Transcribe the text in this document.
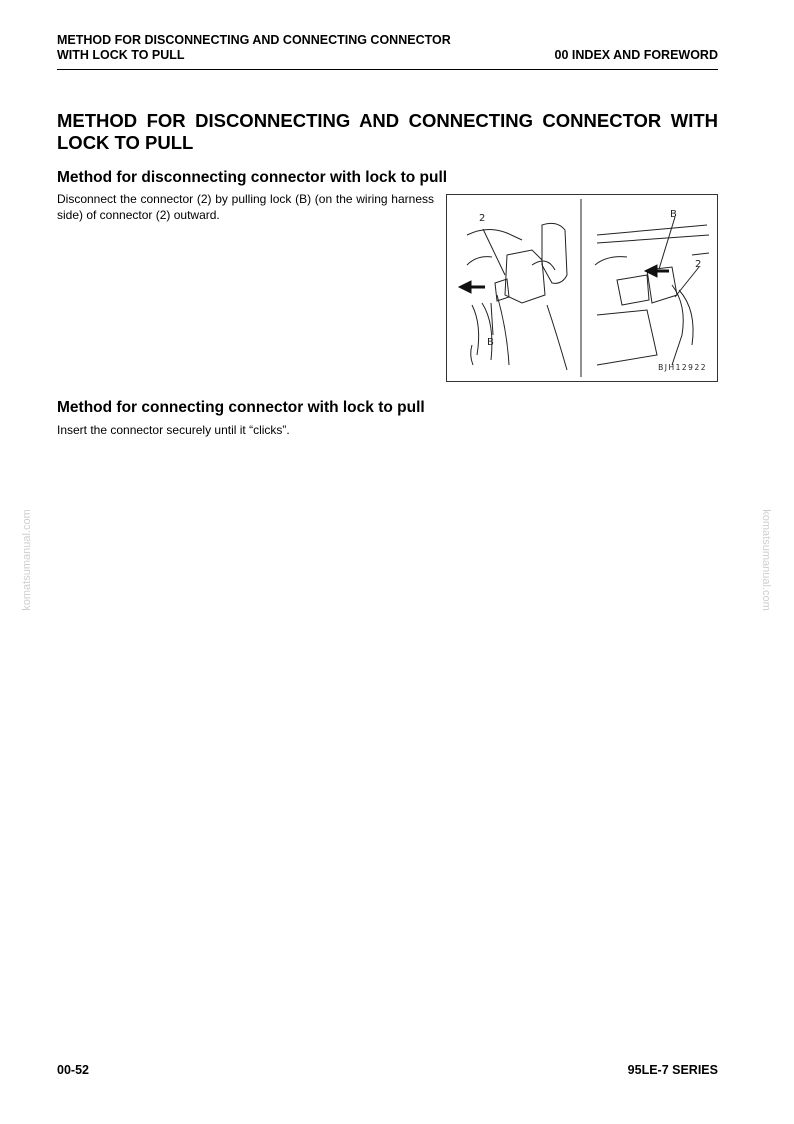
METHOD FOR DISCONNECTING AND CONNECTING CONNECTOR
WITH LOCK TO PULL	00 INDEX AND FOREWORD
METHOD FOR DISCONNECTING AND CONNECTING CONNECTOR WITH LOCK TO PULL
Method for disconnecting connector with lock to pull
Disconnect the connector (2) by pulling lock (B) (on the wiring harness side) of connector (2) outward.	2
B
B
2
BJH12922
Method for connecting connector with lock to pull
Insert the connector securely until it “clicks”.
komatsumanual.com	komatsumanual.com
00-52	95LE-7 SERIES
